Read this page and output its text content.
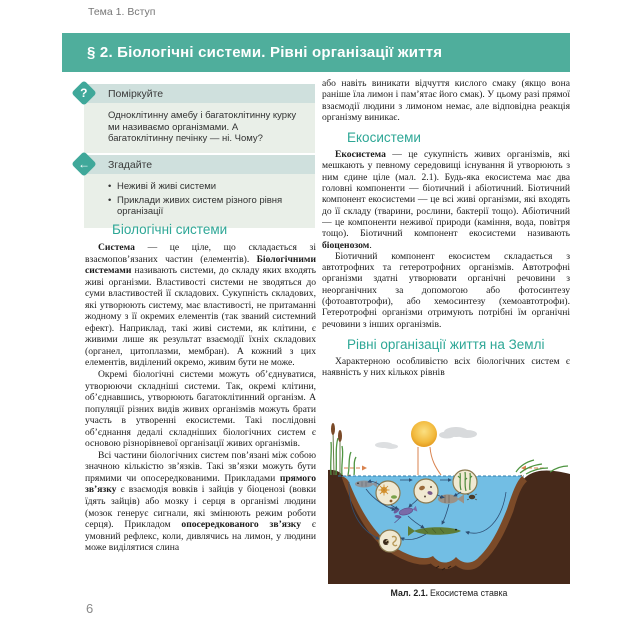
Тема 1. Вступ
§ 2. Біологічні системи. Рівні організації життя
? Поміркуйте
Одноклітинну амебу і багатоклітинну курку ми називаємо організмами. А багатоклітинну печінку — ні. Чому?
← Згадайте
• Неживі й живі системи
• Приклади живих систем різного рівня організації
Біологічні системи

Система — це ціле, що складається зі взаємопов’язаних частин (елементів). Біологічними системами називають системи, до складу яких входять живі організми. Властивості системи не зводяться до суми властивостей її складових. Сукупність складових, які утворюють систему, має властивості, не притаманні жодному з її окремих елементів (так званий системний ефект). Наприклад, такі живі системи, як клітини, є живими лише як результат взаємодії їхніх складових (органел, цитоплазми, мембран). А кожний з цих елементів, виділений окремо, живим бути не може.

Окремі біологічні системи можуть об’єднуватися, утворюючи складніші системи. Так, окремі клітини, об’єднавшись, утворюють багатоклітинний організм. А популяції різних видів живих організмів можуть брати участь в утворенні екосистеми. Такі послідовні об’єднання дедалі складніших біологічних систем є основою різнорівневої організації живих організмів.

Всі частини біологічних систем пов’язані між собою значною кількістю зв’язків. Такі зв’язки можуть бути прямими чи опосередкованими. Прикладами прямого зв’язку є взаємодія вовків і зайців у біоценозі (вовки їдять зайців) або мозку і серця в організмі людини (мозок генерує сигнали, які змінюють режим роботи серця). Прикладом опосередкованого зв’язку є умовний рефлекс, коли, дивлячись на лимон, у людини може виділятися слина

або навіть виникати відчуття кислого смаку (якщо вона раніше їла лимон і пам’ятає його смак). У цьому разі прямої взаємодії людини з лимоном немає, але відповідна реакція організму виникає.

Екосистеми

Екосистема — це сукупність живих організмів, які мешкають у певному середовищі існування й утворюють з ним єдине ціле (мал. 2.1). Будь-яка екосистема має два головні компоненти — біотичний і абіотичний. Біотичний компонент екосистеми — це всі живі організми, які входять до її складу (тварини, рослини, бактерії тощо). Абіотичний — це компоненти неживої природи (каміння, вода, повітря тощо). Біотичний компонент екосистеми називають біоценозом.

Біотичний компонент екосистем складається з автотрофних та гетеротрофних організмів. Автотрофні організми здатні утворювати органічні речовини з неорганічних за допомогою або фотосинтезу (фотоавтотрофи), або хемосинтезу (хемоавтотрофи). Гетеротрофні організми отримують потрібні їм органічні речовини з інших організмів.

Рівні організації життя на Землі

Характерною особливістю всіх біологічних систем є наявність у них кількох рівнів

Мал. 2.1. Екосистема ставка
6
